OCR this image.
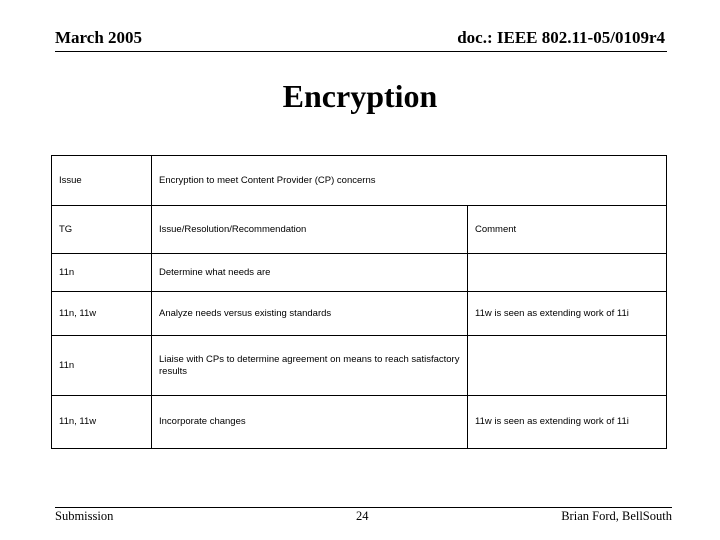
March 2005	doc.: IEEE 802.11-05/0109r4
Encryption
Issue	Encryption to meet Content Provider (CP) concerns	
TG	Issue/Resolution/Recommendation	Comment
11n	Determine what needs are	
11n, 11w	Analyze needs versus existing standards	11w is seen as extending work of 11i
11n	Liaise with CPs to determine agreement on means to reach satisfactory results	
11n, 11w	Incorporate changes	11w is seen as extending work of 11i
Submission	24	Brian Ford, BellSouth
